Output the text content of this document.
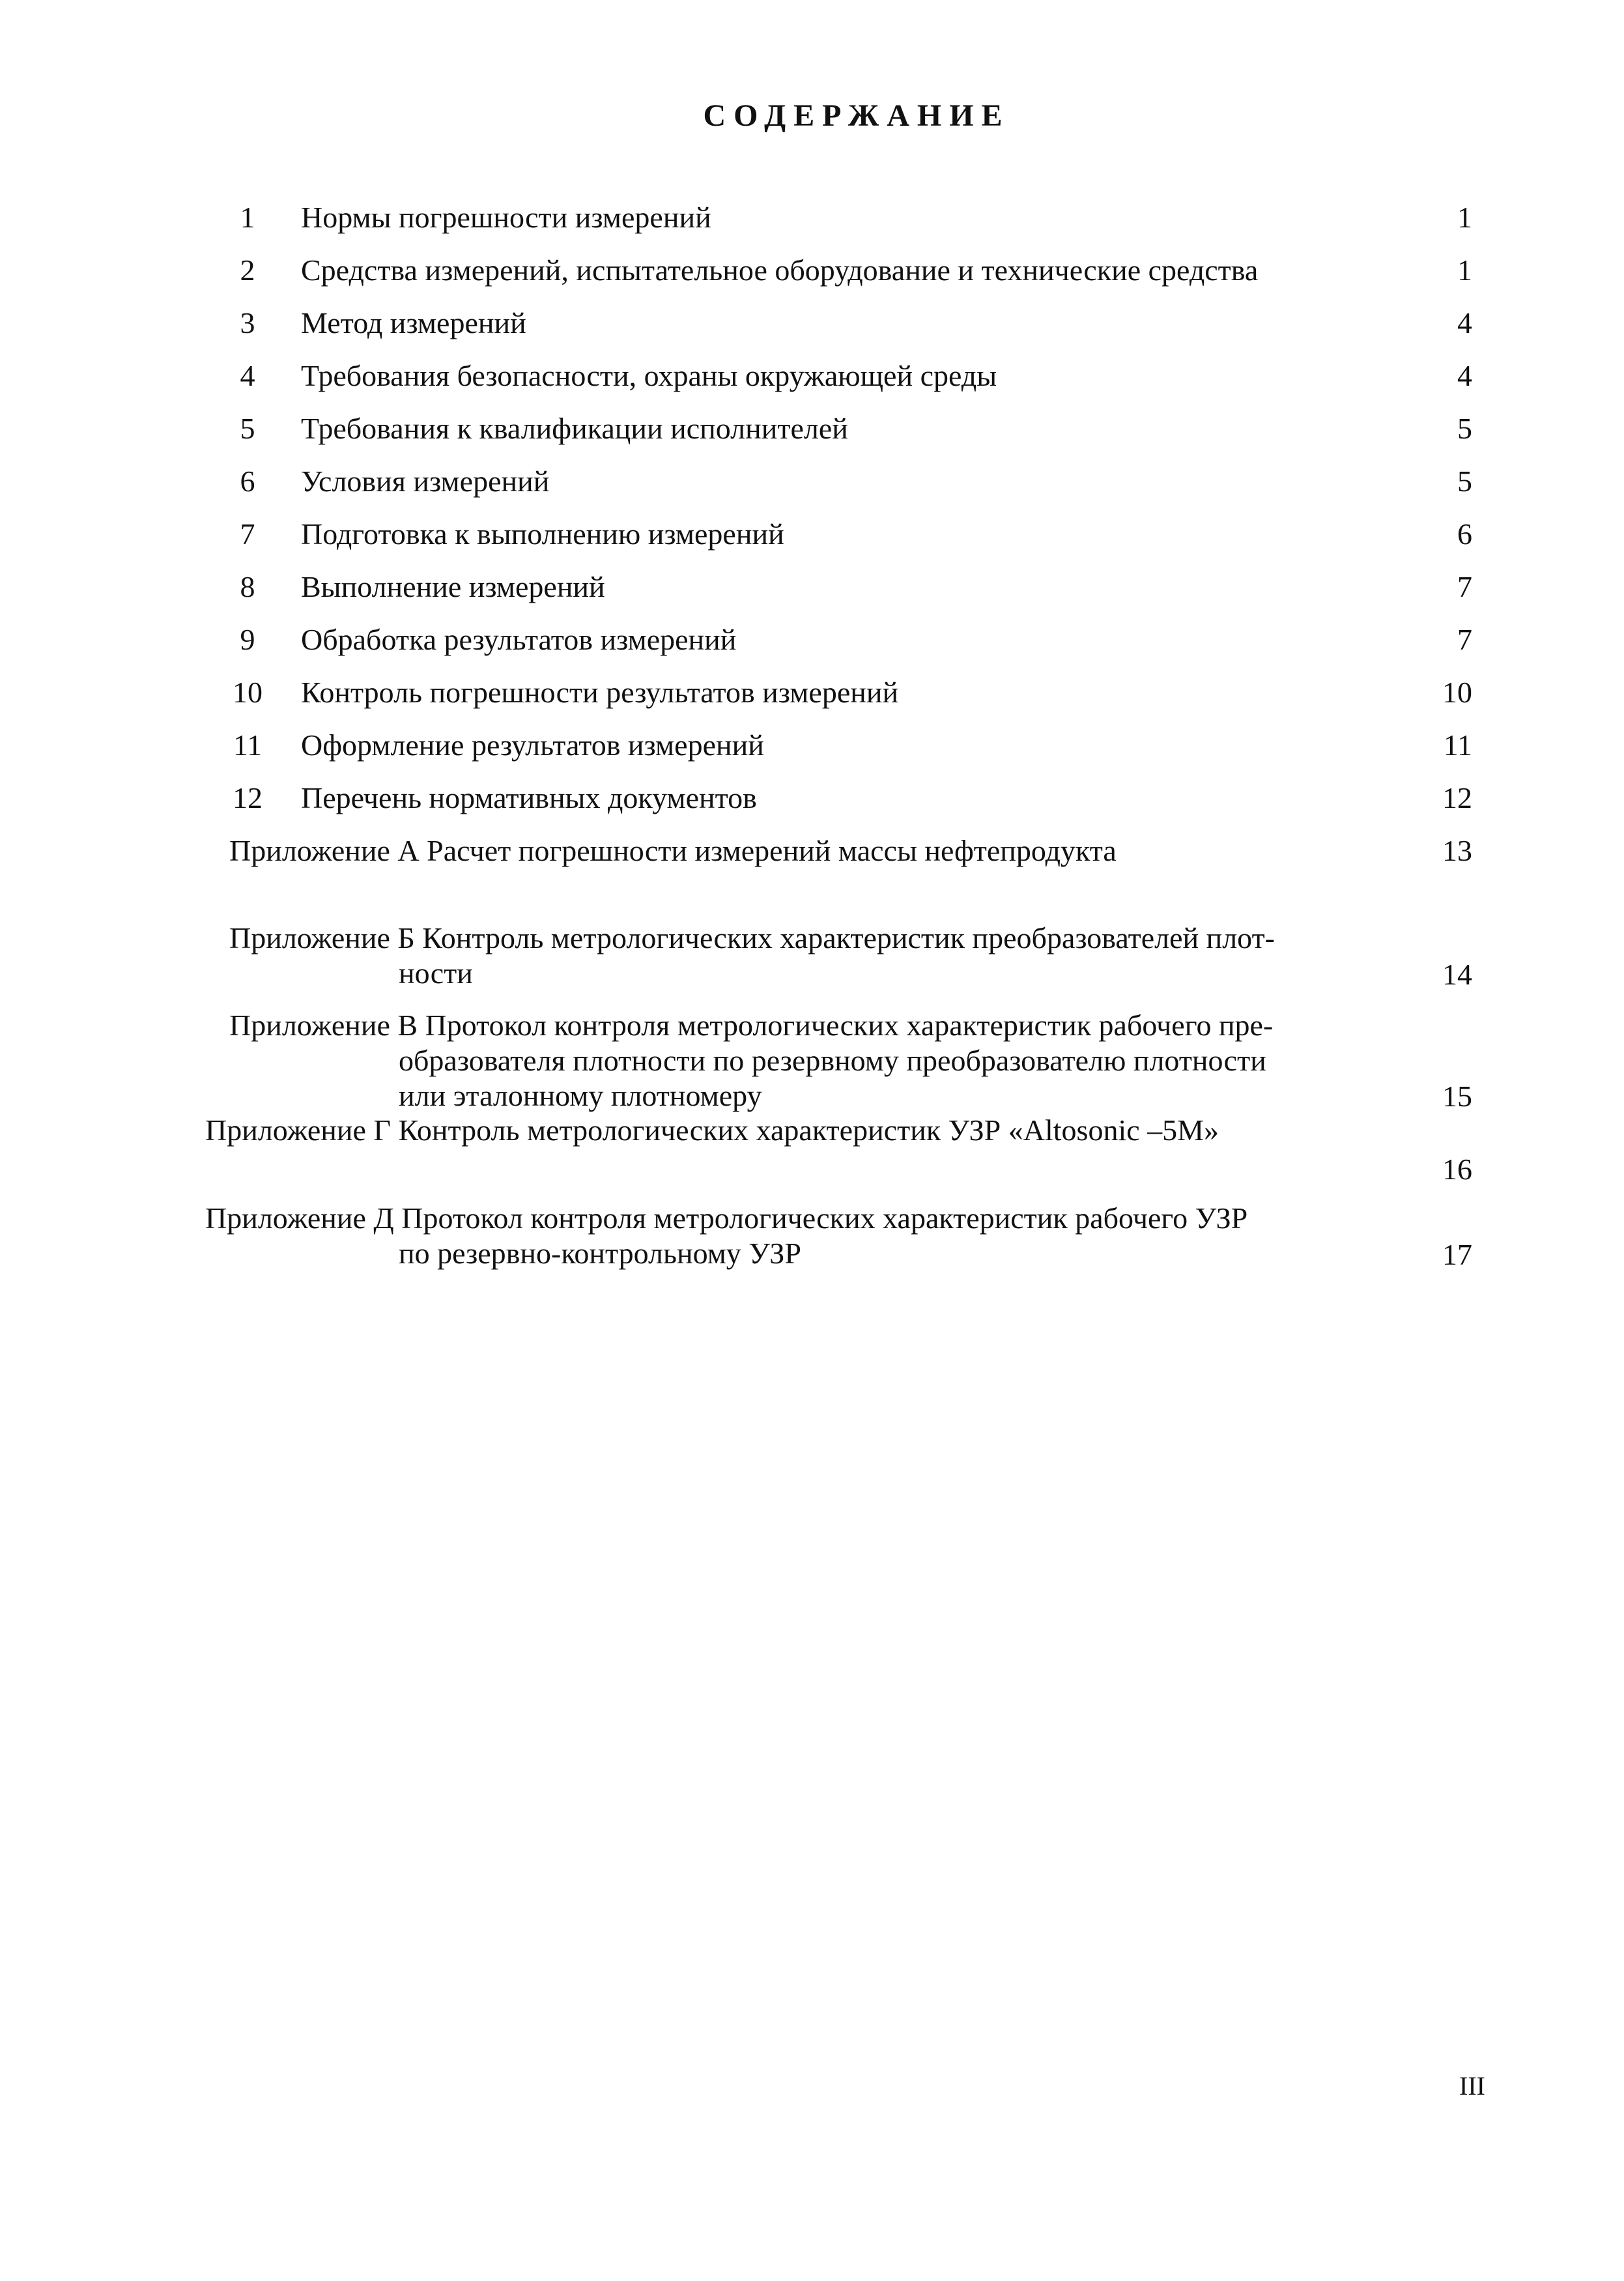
СОДЕРЖАНИЕ
1	Нормы погрешности измерений	1
2	Средства измерений, испытательное оборудование и технические средства	1
3	Метод измерений	4
4	Требования безопасности, охраны окружающей среды	4
5	Требования к квалификации исполнителей	5
6	Условия измерений	5
7	Подготовка к выполнению измерений	6
8	Выполнение измерений	7
9	Обработка результатов измерений	7
10	Контроль погрешности результатов измерений	10
11	Оформление результатов измерений	11
12	Перечень нормативных документов	12
Приложение А Расчет погрешности измерений массы нефтепродукта	13
Приложение Б Контроль метрологических характеристик преобразователей плот-
ности	14
Приложение В Протокол контроля метрологических характеристик рабочего пре-
образователя плотности по резервному преобразователю плотности
или эталонному плотномеру	15
Приложение Г Контроль метрологических характеристик УЗР «Altosonic –5M»
16
Приложение Д Протокол контроля метрологических характеристик рабочего УЗР
по резервно-контрольному УЗР	17
III
